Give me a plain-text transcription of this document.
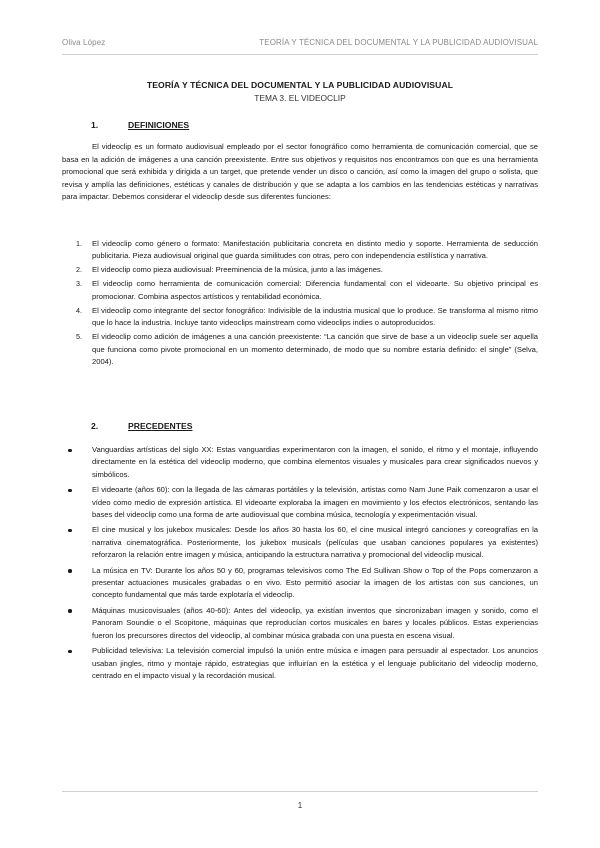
Oliva López	TEORÍA Y TÉCNICA DEL DOCUMENTAL Y LA PUBLICIDAD AUDIOVISUAL
TEORÍA Y TÉCNICA DEL DOCUMENTAL Y LA PUBLICIDAD AUDIOVISUAL
TEMA 3. EL VIDEOCLIP
1.	DEFINICIONES
El videoclip es un formato audiovisual empleado por el sector fonográfico como herramienta de comunicación comercial, que se basa en la adición de imágenes a una canción preexistente. Entre sus objetivos y requisitos nos encontramos con que es una herramienta promocional que será exhibida y dirigida a un target, que pretende vender un disco o canción, así como la imagen del grupo o solista, que revisa y amplía las definiciones, estéticas y canales de distribución y que se adapta a los cambios en las tendencias estéticas y narrativas para impactar. Debemos considerar el videoclip desde sus diferentes funciones:
1. El videoclip como género o formato: Manifestación publicitaria concreta en distinto medio y soporte. Herramienta de seducción publicitaria. Pieza audiovisual original que guarda similitudes con otras, pero con independencia estilística y narrativa.
2. El videoclip como pieza audiovisual: Preeminencia de la música, junto a las imágenes.
3. El videoclip como herramienta de comunicación comercial: Diferencia fundamental con el videoarte. Su objetivo principal es promocionar. Combina aspectos artísticos y rentabilidad económica.
4. El videoclip como integrante del sector fonográfico: Indivisible de la industria musical que lo produce. Se transforma al mismo ritmo que lo hace la industria. Incluye tanto videoclips mainstream como videoclips indies o autoproducidos.
5. El videoclip como adición de imágenes a una canción preexistente: “La canción que sirve de base a un videoclip suele ser aquella que funciona como pivote promocional en un momento determinado, de modo que su nombre estaría definido: el single” (Selva, 2004).
2.	PRECEDENTES
Vanguardias artísticas del siglo XX: Estas vanguardias experimentaron con la imagen, el sonido, el ritmo y el montaje, influyendo directamente en la estética del videoclip moderno, que combina elementos visuales y musicales para crear significados nuevos y simbólicos.
El videoarte (años 60): con la llegada de las cámaras portátiles y la televisión, artistas como Nam June Paik comenzaron a usar el vídeo como medio de expresión artística. El videoarte exploraba la imagen en movimiento y los efectos electrónicos, sentando las bases del videoclip como una forma de arte audiovisual que combina música, tecnología y experimentación visual.
El cine musical y los jukebox musicales: Desde los años 30 hasta los 60, el cine musical integró canciones y coreografías en la narrativa cinematográfica. Posteriormente, los jukebox musicals (películas que usaban canciones populares ya existentes) reforzaron la relación entre imagen y música, anticipando la estructura narrativa y promocional del videoclip musical.
La música en TV: Durante los años 50 y 60, programas televisivos como The Ed Sullivan Show o Top of the Pops comenzaron a presentar actuaciones musicales grabadas o en vivo. Esto permitió asociar la imagen de los artistas con sus canciones, un concepto fundamental que más tarde explotaría el videoclip.
Máquinas musicovisuales (años 40-60): Antes del videoclip, ya existían inventos que sincronizaban imagen y sonido, como el Panoram Soundie o el Scopitone, máquinas que reproducían cortos musicales en bares y locales públicos. Estas experiencias fueron los precursores directos del videoclip, al combinar música grabada con una puesta en escena visual.
Publicidad televisiva: La televisión comercial impulsó la unión entre música e imagen para persuadir al espectador. Los anuncios usaban jingles, ritmo y montaje rápido, estrategias que influirían en la estética y el lenguaje publicitario del videoclip moderno, centrado en el impacto visual y la recordación musical.
1
